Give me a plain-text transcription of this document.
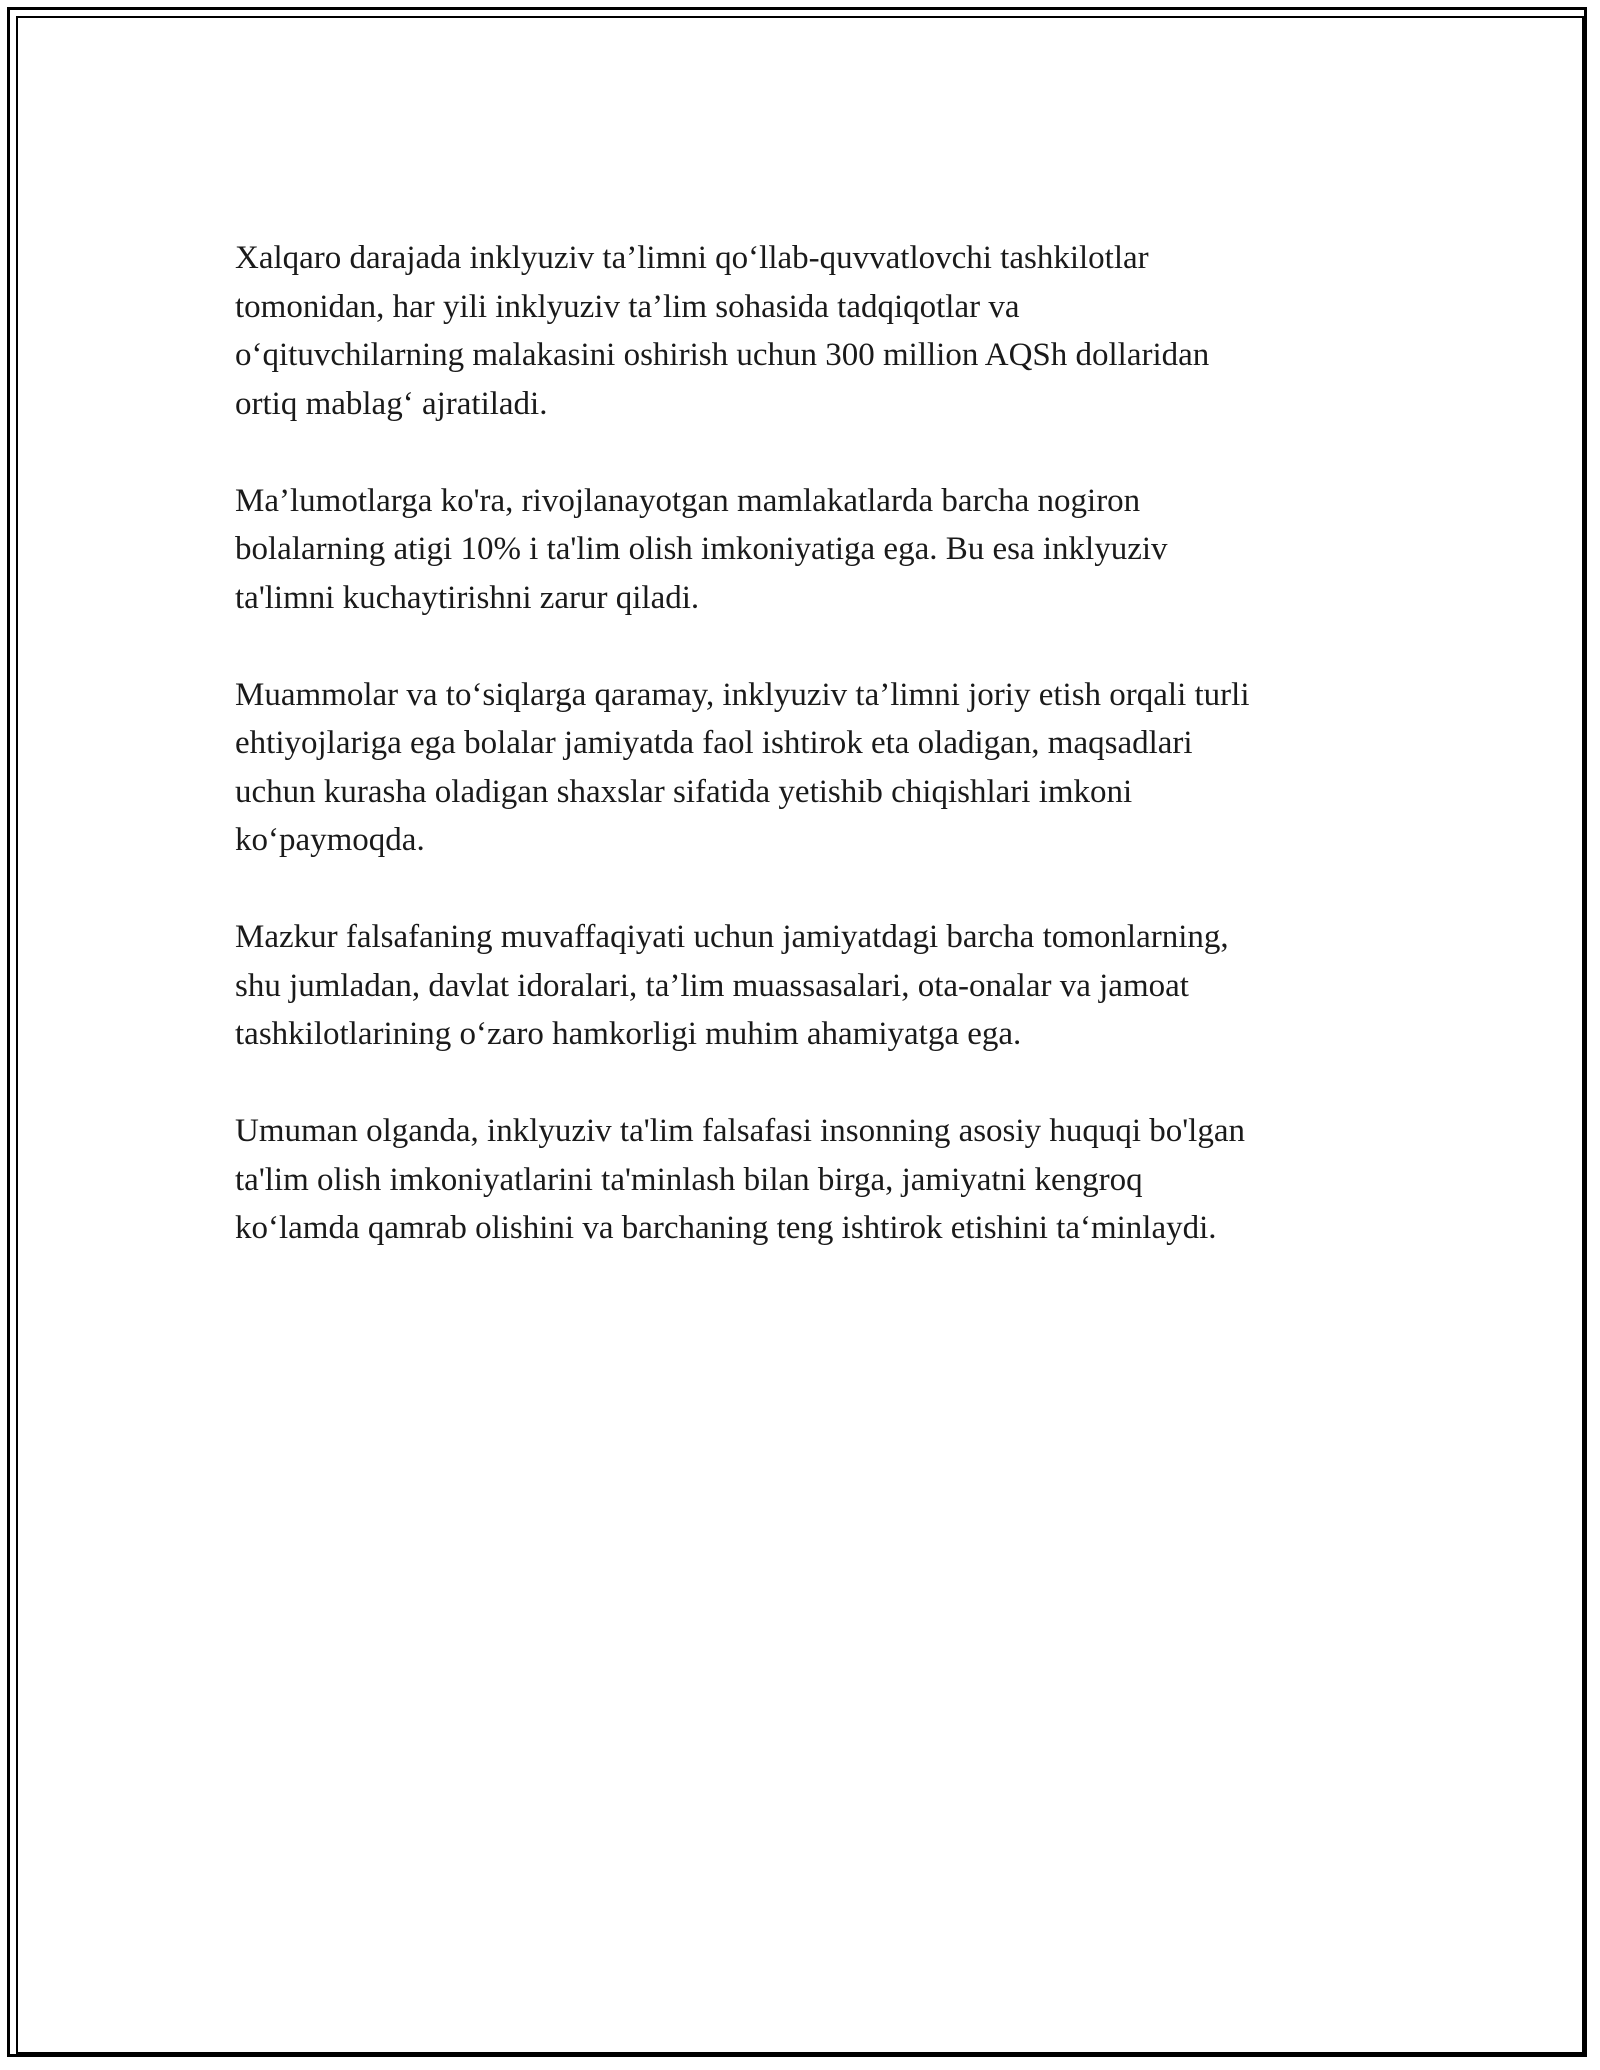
Xalqaro darajada inklyuziv ta’limni qo‘llab-quvvatlovchi tashkilotlar
tomonidan, har yili inklyuziv ta’lim sohasida tadqiqotlar va
o‘qituvchilarning malakasini oshirish uchun 300 million AQSh dollaridan
ortiq mablag‘ ajratiladi.

Ma’lumotlarga ko'ra, rivojlanayotgan mamlakatlarda barcha nogiron
bolalarning atigi 10% i ta'lim olish imkoniyatiga ega. Bu esa inklyuziv
ta'limni kuchaytirishni zarur qiladi.

Muammolar va to‘siqlarga qaramay, inklyuziv ta’limni joriy etish orqali turli
ehtiyojlariga ega bolalar jamiyatda faol ishtirok eta oladigan, maqsadlari
uchun kurasha oladigan shaxslar sifatida yetishib chiqishlari imkoni
ko‘paymoqda.

Mazkur falsafaning muvaffaqiyati uchun jamiyatdagi barcha tomonlarning,
shu jumladan, davlat idoralari, ta’lim muassasalari, ota-onalar va jamoat
tashkilotlarining o‘zaro hamkorligi muhim ahamiyatga ega.

Umuman olganda, inklyuziv ta'lim falsafasi insonning asosiy huquqi bo'lgan
ta'lim olish imkoniyatlarini ta'minlash bilan birga, jamiyatni kengroq
ko‘lamda qamrab olishini va barchaning teng ishtirok etishini ta‘minlaydi.
